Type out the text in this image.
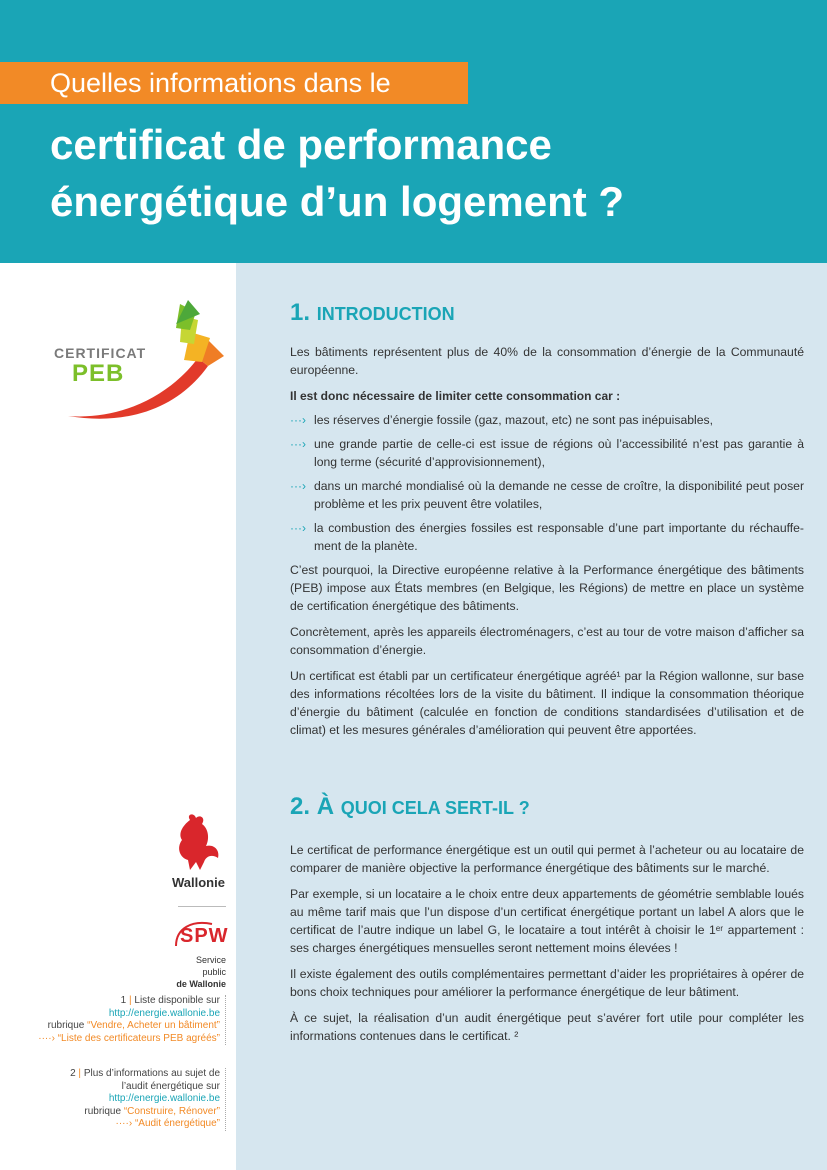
Quelles informations dans le
certificat de performance
énergétique d’un logement ?
CERTIFICAT
PEB
Wallonie
SPW
Service public
de Wallonie
1 | Liste disponible sur
http://energie.wallonie.be
rubrique “Vendre, Acheter un bâtiment”
····› “Liste des certificateurs PEB agréés”
2 | Plus d’informations au sujet de
l’audit énergétique sur
http://energie.wallonie.be
rubrique “Construire, Rénover”
····› “Audit énergétique”
1. INTRODUCTION

Les bâtiments représentent plus de 40% de la consommation d’énergie de la Communauté européenne.

Il est donc nécessaire de limiter cette consommation car :

···› les réserves d’énergie fossile (gaz, mazout, etc) ne sont pas inépuisables,
···› une grande partie de celle-ci est issue de régions où l’accessibilité n’est pas garantie à long terme (sécurité d’approvisionnement),
···› dans un marché mondialisé où la demande ne cesse de croître, la disponibilité peut poser problème et les prix peuvent être volatiles,
···› la combustion des énergies fossiles est responsable d’une part importante du réchauffe-ment de la planète.

C’est pourquoi, la Directive européenne relative à la Performance énergétique des bâtiments (PEB) impose aux États membres (en Belgique, les Régions) de mettre en place un système de certification énergétique des bâtiments.

Concrètement, après les appareils électroménagers, c’est au tour de votre maison d’afficher sa consommation d’énergie.

Un certificat est établi par un certificateur énergétique agréé¹ par la Région wallonne, sur base des informations récoltées lors de la visite du bâtiment. Il indique la consommation théorique d’énergie du bâtiment (calculée en fonction de conditions standardisées d’utilisation et de climat) et les mesures générales d’amélioration qui peuvent être apportées.

2. À QUOI CELA SERT-IL ?

Le certificat de performance énergétique est un outil qui permet à l’acheteur ou au locataire de comparer de manière objective la performance énergétique des bâtiments sur le marché.

Par exemple, si un locataire a le choix entre deux appartements de géométrie semblable loués au même tarif mais que l’un dispose d’un certificat énergétique portant un label A alors que le certificat de l’autre indique un label G, le locataire a tout intérêt à choisir le 1ᵉʳ appartement : ses charges énergétiques mensuelles seront nettement moins élevées !

Il existe également des outils complémentaires permettant d’aider les propriétaires à opérer de bons choix techniques pour améliorer la performance énergétique de leur bâtiment.

À ce sujet, la réalisation d’un audit énergétique peut s’avérer fort utile pour compléter les informations contenues dans le certificat. ²
